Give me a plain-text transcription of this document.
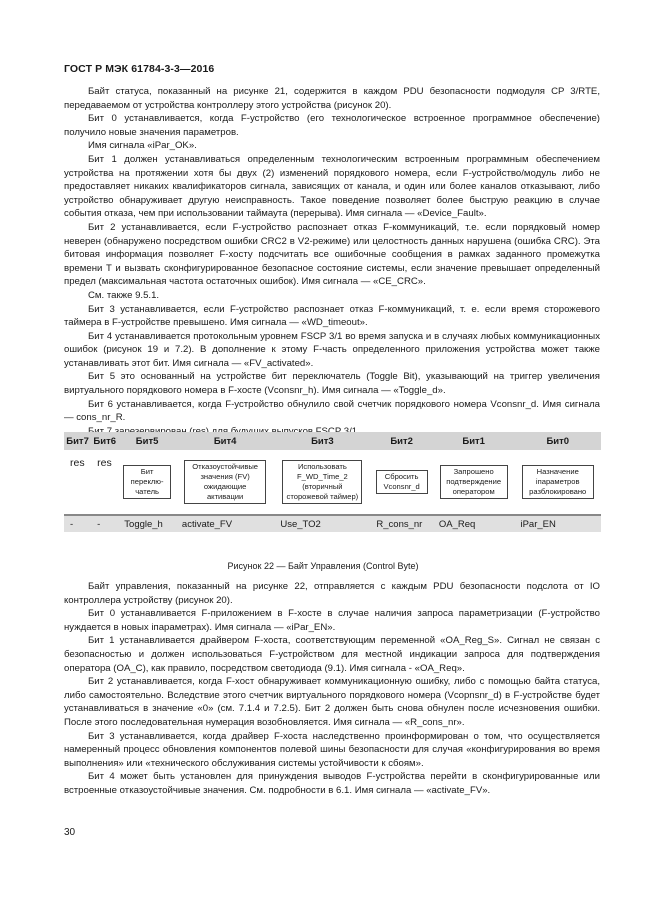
ГОСТ Р МЭК 61784-3-3—2016

Байт статуса, показанный на рисунке 21, содержится в каждом PDU безопасности подмодуля CP 3/RTE, передаваемом от устройства контроллеру этого устройства (рисунок 20).

Бит 0 устанавливается, когда F-устройство (его технологическое встроенное программное обеспечение) получило новые значения параметров.

Имя сигнала «iPar_OK».

Бит 1 должен устанавливаться определенным технологическим встроенным программным обеспечением устройства на протяжении хотя бы двух (2) изменений порядкового номера, если F-устройство/модуль либо не предоставляет никаких квалификаторов сигнала, зависящих от канала, и один или более каналов отказывают, либо устройство обнаруживает другую неисправность. Такое поведение позволяет более быструю реакцию в случае события отказа, чем при использовании таймаута (перерыва). Имя сигнала — «Device_Fault».

Бит 2 устанавливается, если F-устройство распознает отказ F-коммуникаций, т.е. если порядковый номер неверен (обнаружено посредством ошибки CRC2 в V2-режиме) или целостность данных нарушена (ошибка CRC). Эта битовая информация позволяет F-хосту подсчитать все ошибочные сообщения в рамках заданного промежутка времени T и вызвать сконфигурированное безопасное состояние системы, если значение превышает определенный предел (максимальная частота остаточных ошибок). Имя сигнала — «CE_CRC».

См. также 9.5.1.

Бит 3 устанавливается, если F-устройство распознает отказ F-коммуникаций, т. е. если время сторожевого таймера в F-устройстве превышено. Имя сигнала — «WD_timeout».

Бит 4 устанавливается протокольным уровнем FSCP 3/1 во время запуска и в случаях любых коммуникационных ошибок (рисунок 19 и 7.2). В дополнение к этому F-часть определенного приложения устройства может также устанавливать этот бит. Имя сигнала — «FV_activated».

Бит 5 это основанный на устройстве бит переключатель (Toggle Bit), указывающий на триггер увеличения виртуального порядкового номера в F-хосте (Vconsnr_h). Имя сигнала — «Toggle_d».

Бит 6 устанавливается, когда F-устройство обнулило свой счетчик порядкового номера Vconsnr_d. Имя сигнала — cons_nr_R.

Бит7	Бит6	Бит5	Бит4	Бит3	Бит2	Бит1	Бит0
res	res	Бит переклю-чатель	Отказоустойчивые значения (FV) ожидающие активации	Использовать F_WD_Time_2 (вторичный сторожевой таймер)	Сбросить Vconsnr_d	Запрошено подтверждение оператором	Назначение iпараметров разблокировано

-	-	Toggle_h	activate_FV	Use_TO2	R_cons_nr	OA_Req	iPar_EN
Рисунок 22 — Байт Управления (Control Byte)

Байт управления, показанный на рисунке 22, отправляется с каждым PDU безопасности подслота от IO контроллера устройству (рисунок 20).

Бит 0 устанавливается F-приложением в F-хосте в случае наличия запроса параметризации (F-устройство нуждается в новых iпараметрах). Имя сигнала — «iPar_EN».

Бит 1 устанавливается драйвером F-хоста, соответствующим переменной «OA_Reg_S». Сигнал не связан с безопасностью и должен использоваться F-устройством для местной индикации запроса для подтверждения оператора (OA_C), как правило, посредством светодиода (9.1). Имя сигнала - «OA_Req».

Бит 2 устанавливается, когда F-хост обнаруживает коммуникационную ошибку, либо с помощью байта статуса, либо самостоятельно. Вследствие этого счетчик виртуального порядкового номера (Vcopnsnr_d) в F-устройстве будет устанавливаться в значение «0» (см. 7.1.4 и 7.2.5). Бит 2 должен быть снова обнулен после исчезновения ошибки. После этого последовательная нумерация возобновляется. Имя сигнала — «R_cons_nr».

Бит 3 устанавливается, когда драйвер F-хоста наследственно проинформирован о том, что осуществляется намеренный процесс обновления компонентов полевой шины безопасности для случая «конфигурирования во время выполнения» или «технического обслуживания системы устойчивости к сбоям».

Бит 4 может быть установлен для принуждения выводов F-устройства перейти в сконфигурированные или встроенные отказоустойчивые значения. См. подробности в 6.1. Имя сигнала — «activate_FV».

30
